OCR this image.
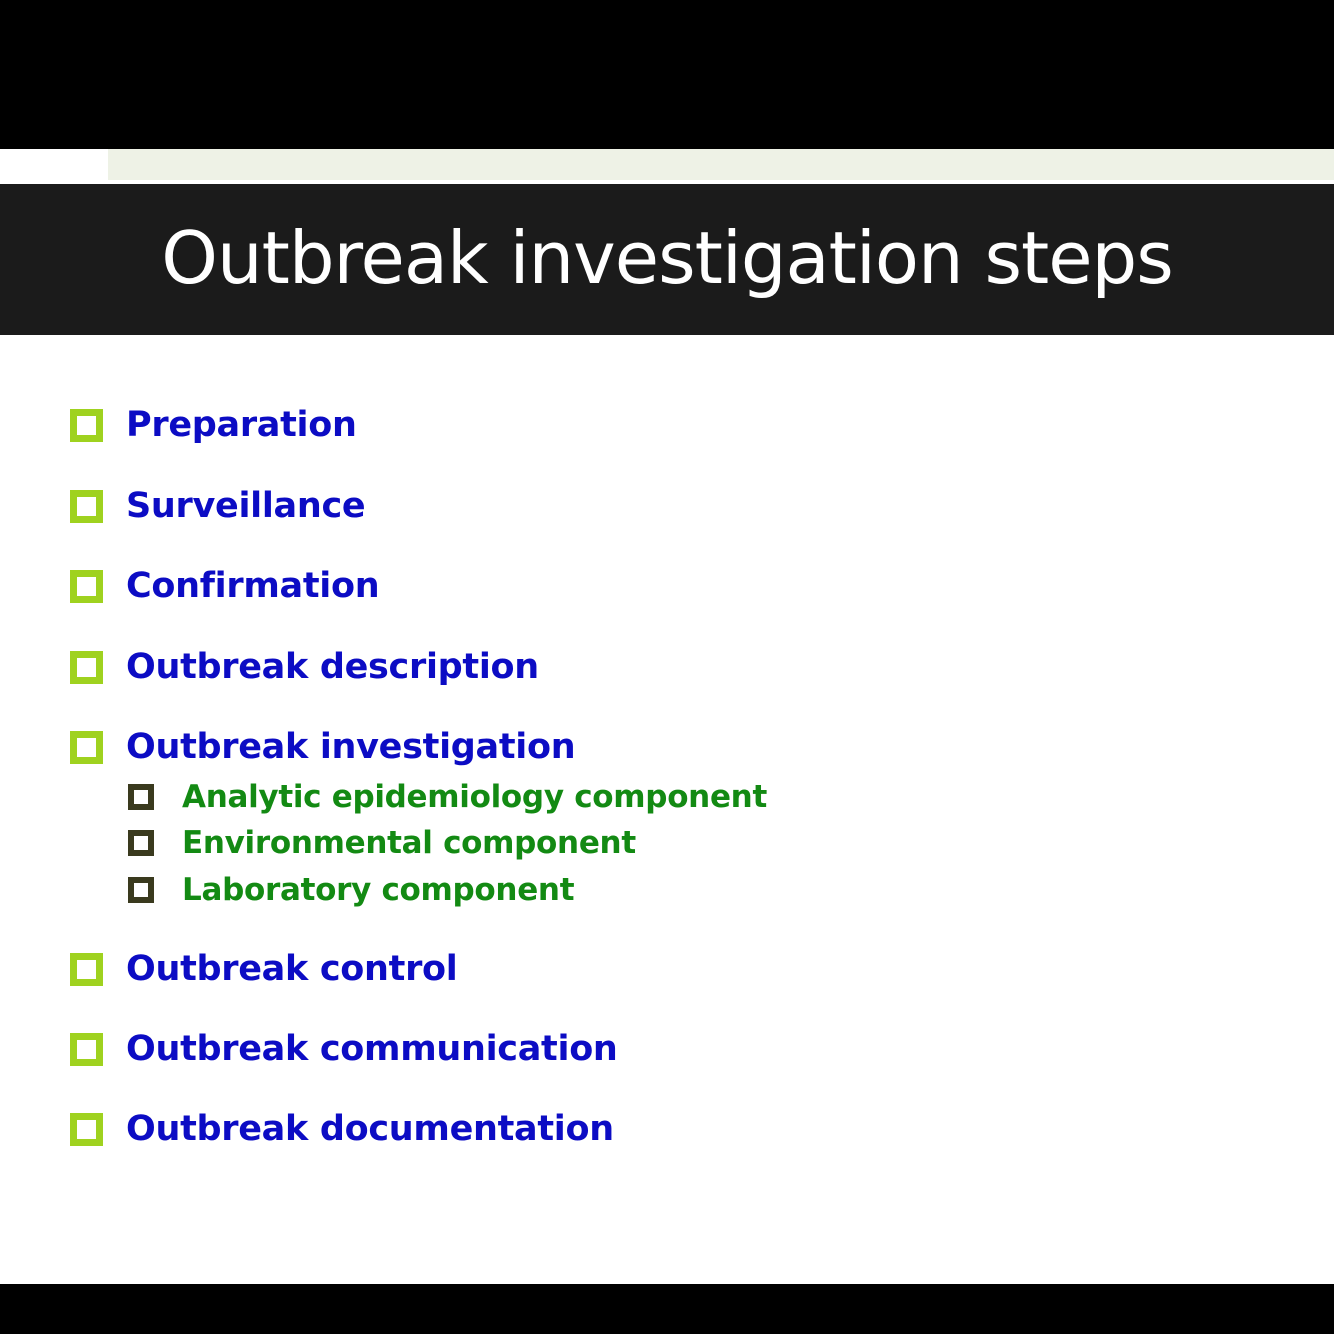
Outbreak investigation steps
Preparation
Surveillance
Confirmation
Outbreak description
Outbreak investigation
Analytic epidemiology component
Environmental component
Laboratory component
Outbreak control
Outbreak communication
Outbreak documentation
